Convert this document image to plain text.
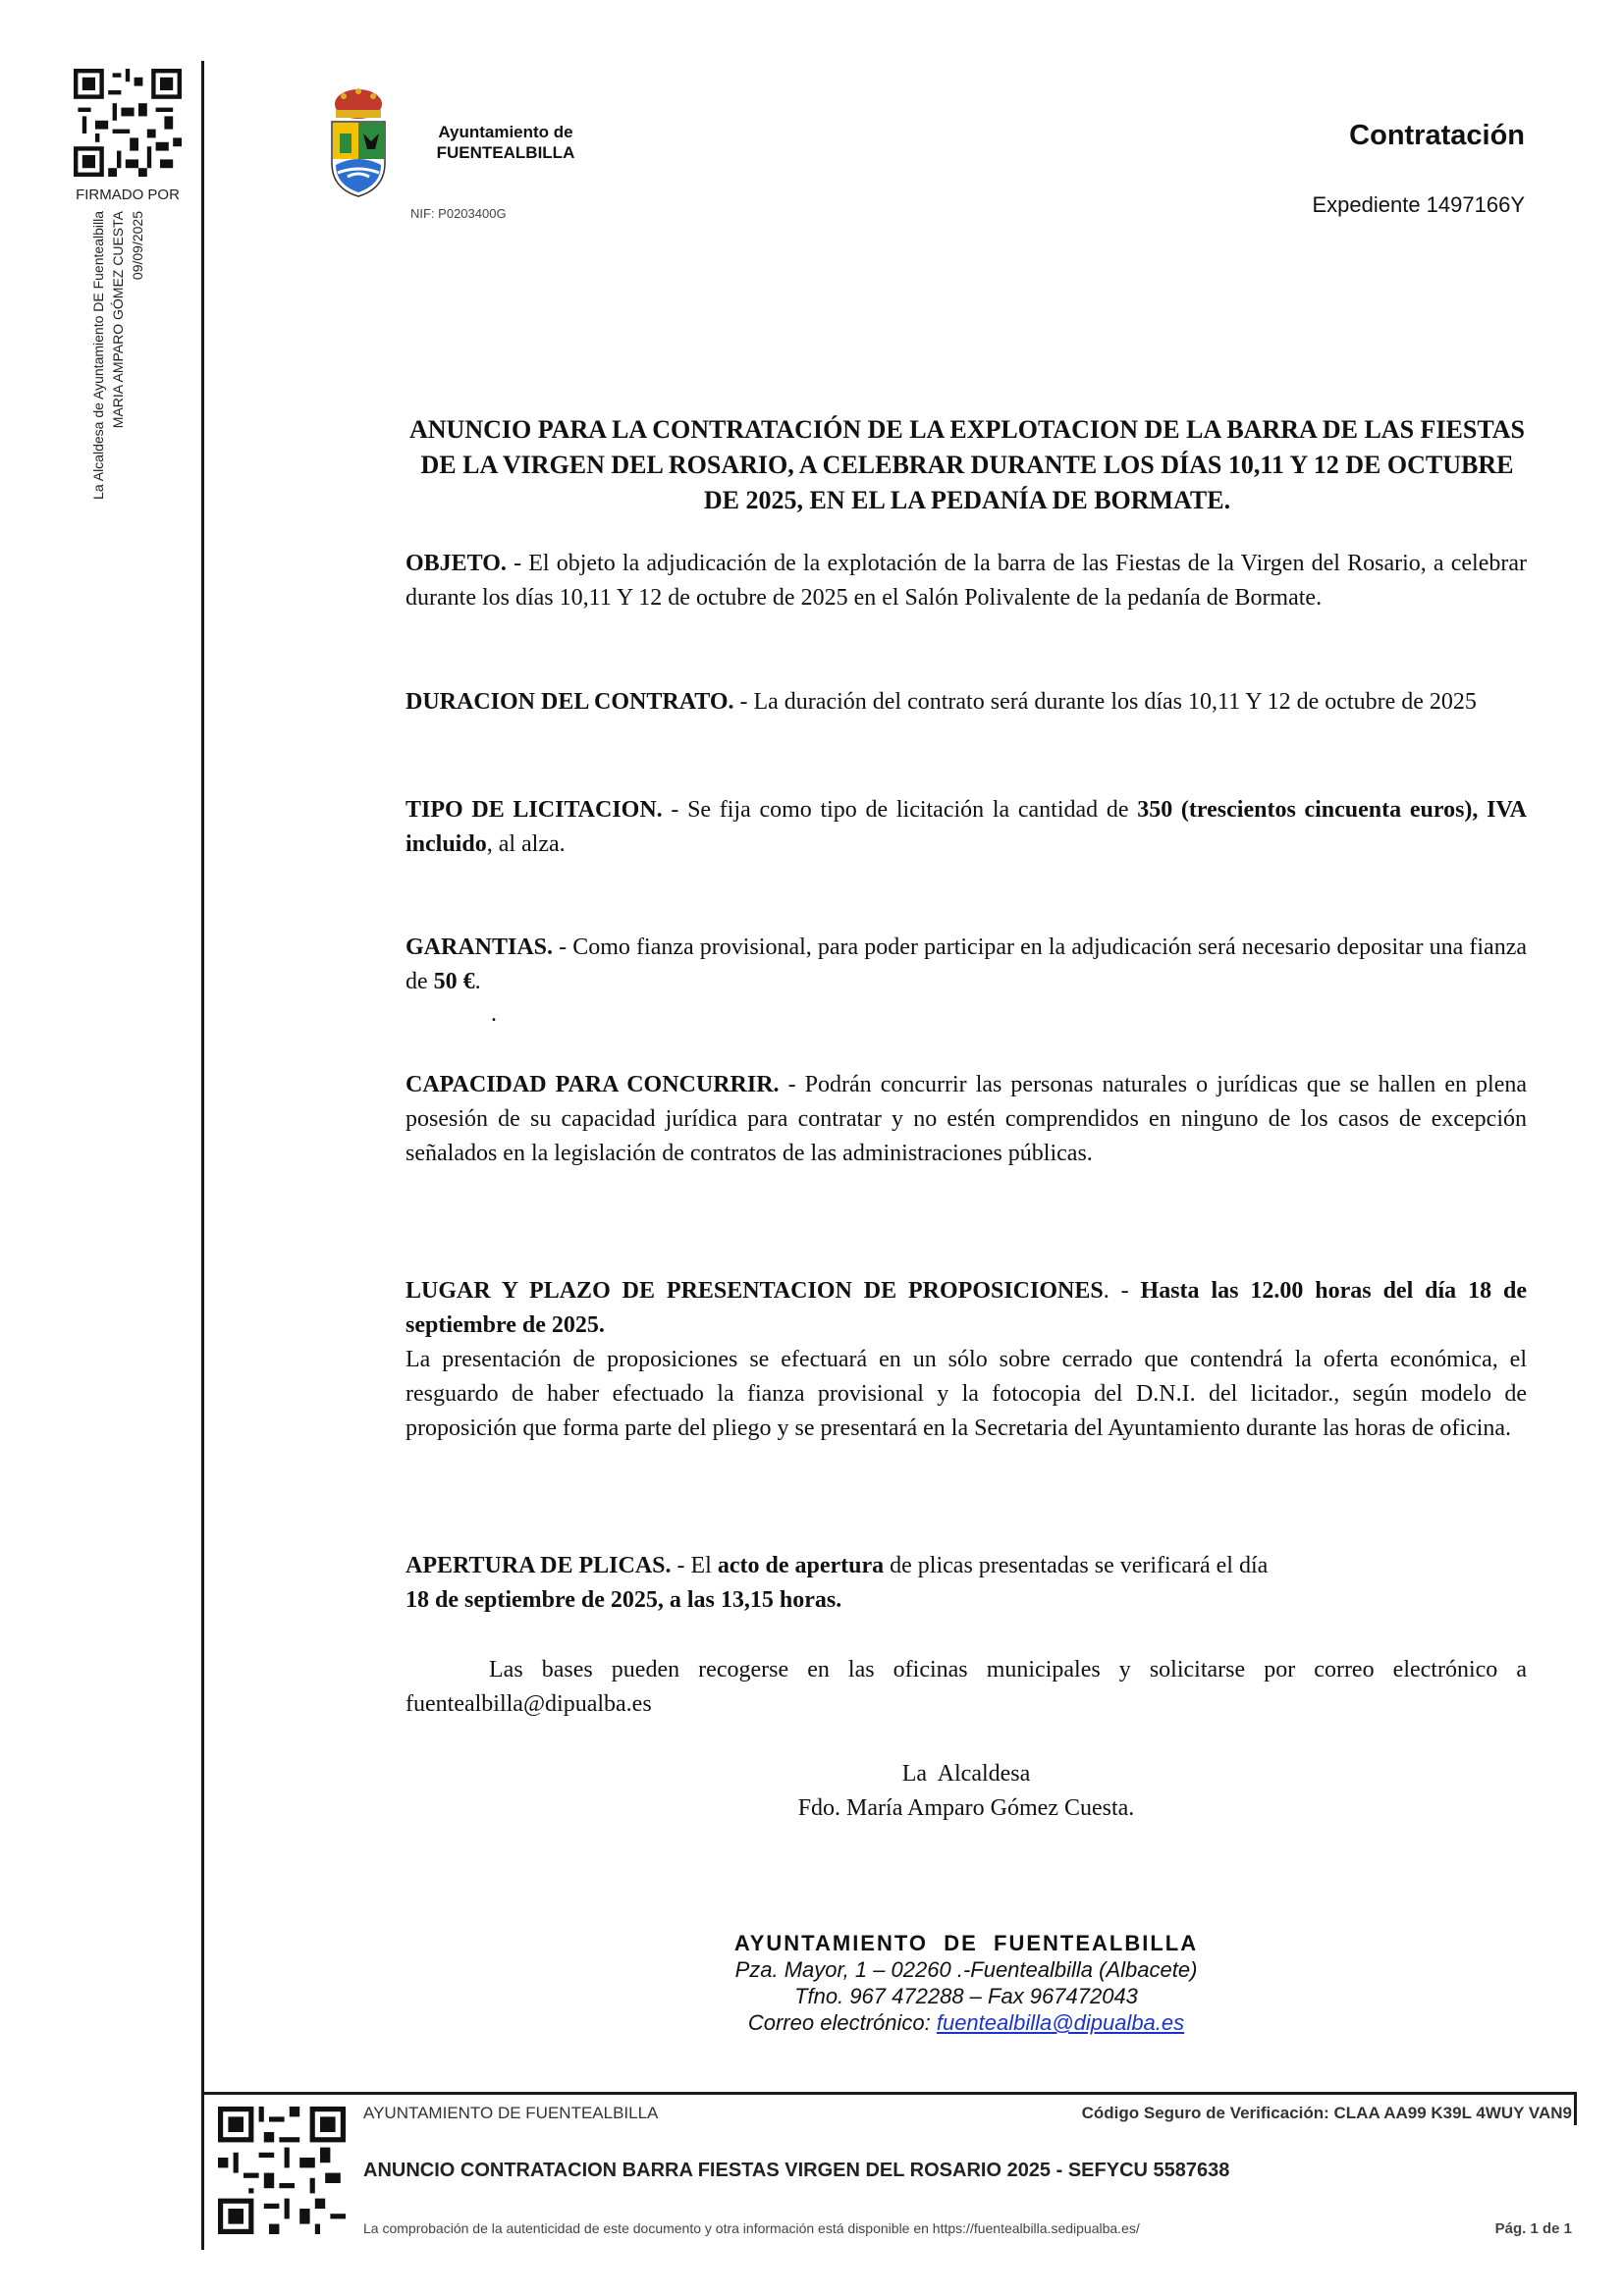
FIRMADO POR
La Alcaldesa de Ayuntamiento DE Fuentealbilla MARIA AMPARO GÓMEZ CUESTA 09/09/2025
Ayuntamiento de
FUENTEALBILLA
NIF: P0203400G
Contratación
Expediente 1497166Y
ANUNCIO PARA LA CONTRATACIÓN DE LA EXPLOTACION DE LA BARRA DE LAS FIESTAS DE LA VIRGEN DEL ROSARIO, A CELEBRAR DURANTE LOS DÍAS 10,11 Y 12 DE OCTUBRE DE 2025, EN EL LA PEDANÍA DE BORMATE.
OBJETO. - El objeto la adjudicación de la explotación de la barra de las Fiestas de la Virgen del Rosario, a celebrar durante los días 10,11 Y 12 de octubre de 2025 en el Salón Polivalente de la pedanía de Bormate.
DURACION DEL CONTRATO. - La duración del contrato será durante los días 10,11 Y 12 de octubre de 2025
TIPO DE LICITACION. - Se fija como tipo de licitación la cantidad de 350 (trescientos cincuenta euros), IVA incluido, al alza.
GARANTIAS. - Como fianza provisional, para poder participar en la adjudicación será necesario depositar una fianza de 50 €.
.
CAPACIDAD PARA CONCURRIR. - Podrán concurrir las personas naturales o jurídicas que se hallen en plena posesión de su capacidad jurídica para contratar y no estén comprendidos en ninguno de los casos de excepción señalados en la legislación de contratos de las administraciones públicas.
LUGAR Y PLAZO DE PRESENTACION DE PROPOSICIONES. - Hasta las 12.00 horas del día 18 de septiembre de 2025.
La presentación de proposiciones se efectuará en un sólo sobre cerrado que contendrá la oferta económica, el resguardo de haber efectuado la fianza provisional y la fotocopia del D.N.I. del licitador., según modelo de proposición que forma parte del pliego y se presentará en la Secretaria del Ayuntamiento durante las horas de oficina.
APERTURA DE PLICAS. - El acto de apertura de plicas presentadas se verificará el día
18 de septiembre de 2025, a las 13,15 horas.
Las bases pueden recogerse en las oficinas municipales y solicitarse por correo electrónico a fuentealbilla@dipualba.es
La  Alcaldesa
Fdo. María Amparo Gómez Cuesta.
AYUNTAMIENTO  DE  FUENTEALBILLA
Pza. Mayor, 1 – 02260 .-Fuentealbilla (Albacete)
Tfno. 967 472288 – Fax 967472043
Correo electrónico: fuentealbilla@dipualba.es
AYUNTAMIENTO DE FUENTEALBILLA	Código Seguro de Verificación: CLAA AA99 K39L 4WUY VAN9
ANUNCIO CONTRATACION BARRA FIESTAS VIRGEN DEL ROSARIO 2025 - SEFYCU 5587638
La comprobación de la autenticidad de este documento y otra información está disponible en https://fuentealbilla.sedipualba.es/	Pág. 1 de 1
